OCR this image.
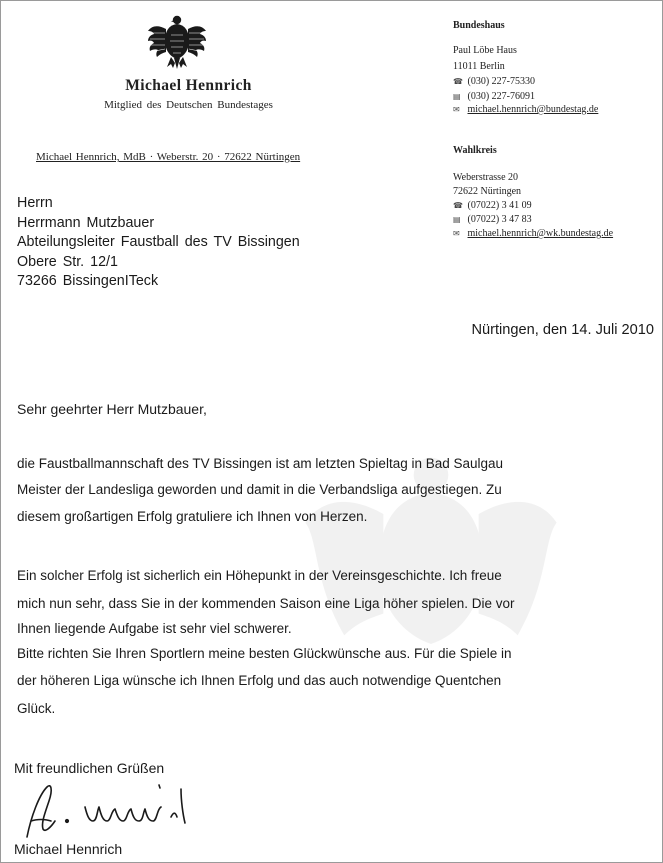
Michael Hennrich
Mitglied des Deutschen Bundestages
Michael Hennrich, MdB · Weberstr. 20 · 72622 Nürtingen
Bundeshaus
Paul Löbe Haus
11011 Berlin
☎ (030) 227-75330
▤ (030) 227-76091
✉ michael.hennrich@bundestag.de
Wahlkreis
Weberstrasse 20
72622 Nürtingen
☎ (07022) 3 41 09
▤ (07022) 3 47 83
✉ michael.hennrich@wk.bundestag.de
Herrn
Herrmann Mutzbauer
Abteilungsleiter Faustball des TV Bissingen
Obere Str. 12/1
73266 BissingenITeck
Nürtingen, den 14. Juli 2010
Sehr geehrter Herr Mutzbauer,
die Faustballmannschaft des TV Bissingen ist am letzten Spieltag in Bad Saulgau
Meister der Landesliga geworden und damit in die Verbandsliga aufgestiegen. Zu
diesem großartigen Erfolg gratuliere ich Ihnen von Herzen.
Ein solcher Erfolg ist sicherlich ein Höhepunkt in der Vereinsgeschichte. Ich freue
mich nun sehr, dass Sie in der kommenden Saison eine Liga höher spielen. Die vor
Ihnen liegende Aufgabe ist sehr viel schwerer.
Bitte richten Sie Ihren Sportlern meine besten Glückwünsche aus. Für die Spiele in
der höheren Liga wünsche ich Ihnen Erfolg und das auch notwendige Quentchen
Glück.
Mit freundlichen Grüßen
Michael Hennrich
